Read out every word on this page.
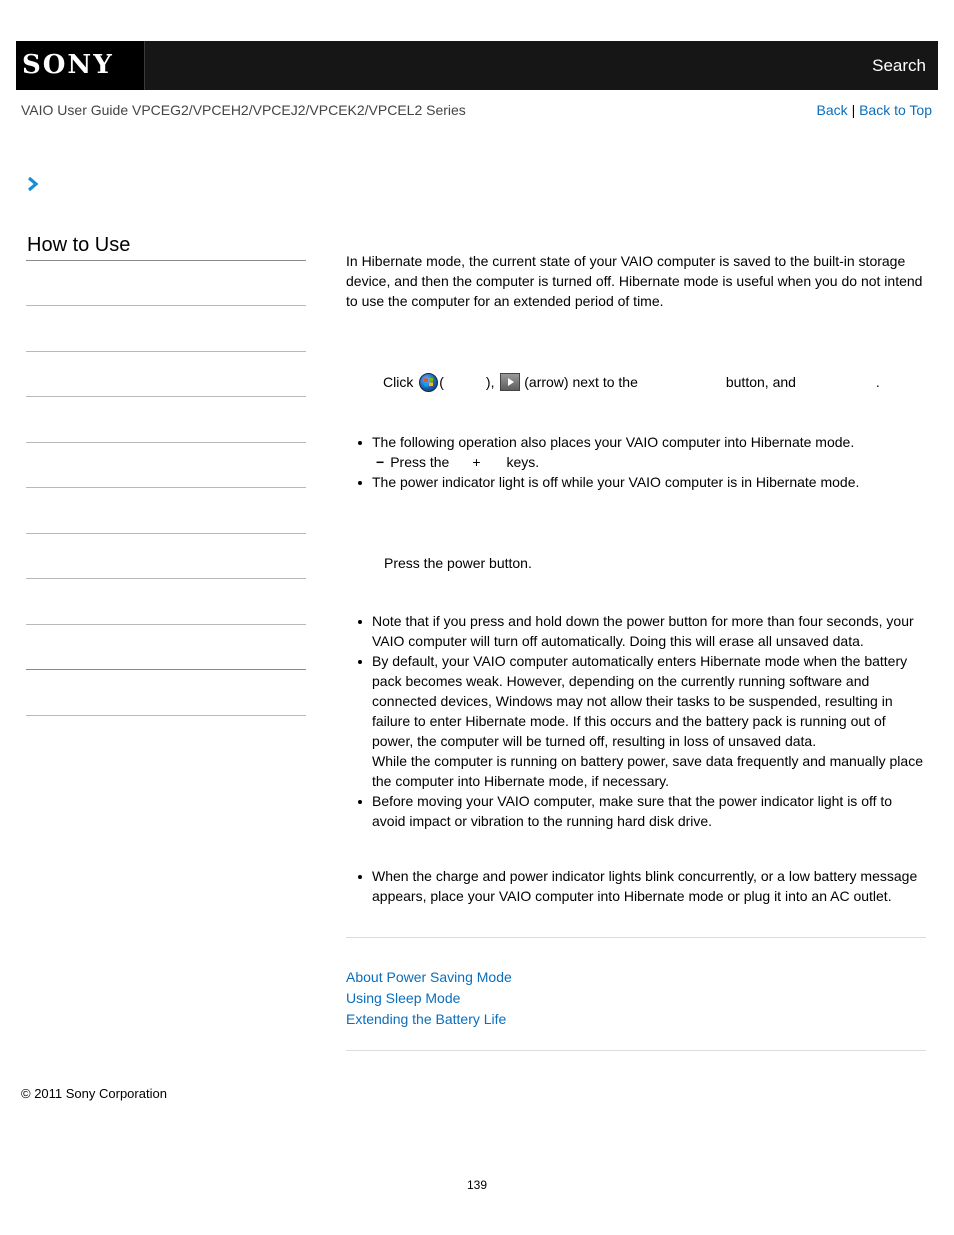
SONY	Search
VAIO User Guide VPCEG2/VPCEH2/VPCEJ2/VPCEK2/VPCEL2 Series	Back | Back to Top
How to Use

In Hibernate mode, the current state of your VAIO computer is saved to the built-in storage device, and then the computer is turned off. Hibernate mode is useful when you do not intend to use the computer for an extended period of time.

Click (	), (arrow) next to the	button, and	.
The following operation also places your VAIO computer into Hibernate mode.
− Press the + keys.
The power indicator light is off while your VAIO computer is in Hibernate mode.
Press the power button.
Note that if you press and hold down the power button for more than four seconds, your VAIO computer will turn off automatically. Doing this will erase all unsaved data.
By default, your VAIO computer automatically enters Hibernate mode when the battery pack becomes weak. However, depending on the currently running software and connected devices, Windows may not allow their tasks to be suspended, resulting in failure to enter Hibernate mode. If this occurs and the battery pack is running out of power, the computer will be turned off, resulting in loss of unsaved data.
While the computer is running on battery power, save data frequently and manually place the computer into Hibernate mode, if necessary.
Before moving your VAIO computer, make sure that the power indicator light is off to avoid impact or vibration to the running hard disk drive.
When the charge and power indicator lights blink concurrently, or a low battery message appears, place your VAIO computer into Hibernate mode or plug it into an AC outlet.
About Power Saving Mode
Using Sleep Mode
Extending the Battery Life
© 2011 Sony Corporation
139
